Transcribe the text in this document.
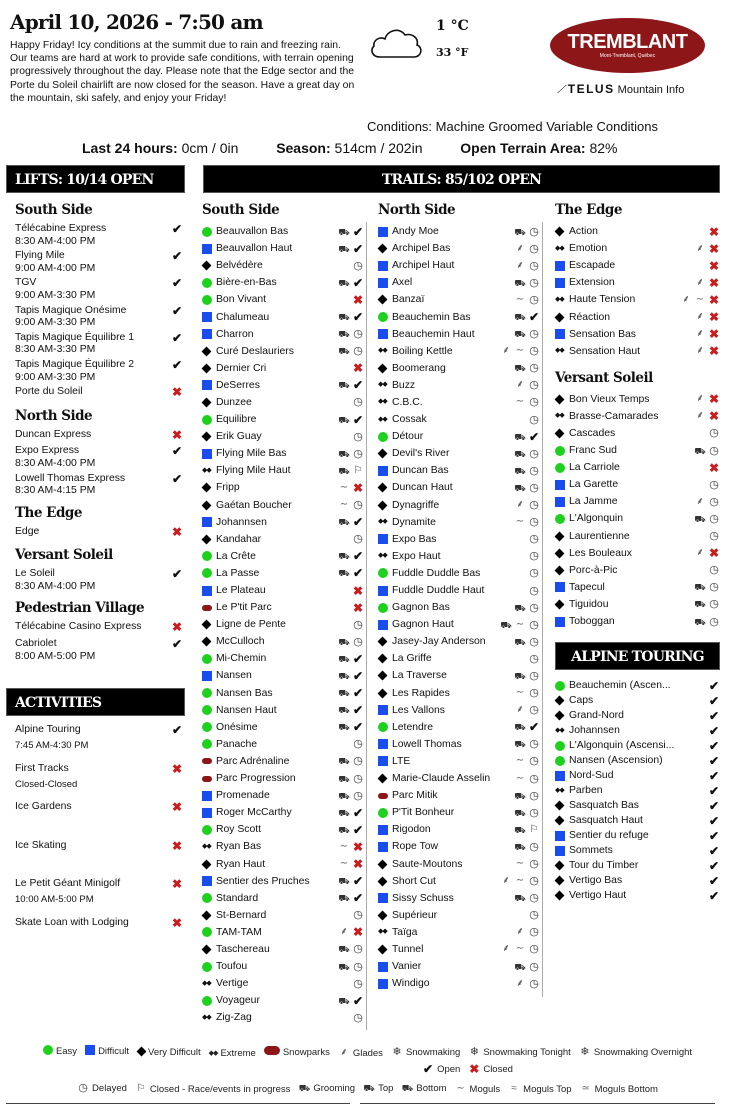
April 10, 2026 - 7:50 am
Happy Friday! Icy conditions at the summit due to rain and freezing rain. Our teams are hard at work to provide safe conditions, with terrain opening progressively throughout the day. Please note that the Edge sector and the Porte du Soleil chairlift are now closed for the season. Have a great day on the mountain, ski safely, and enjoy your Friday!
1 °C
33 °F	TREMBLANT
Mont-Tremblant, Québec
⟋ TELUS Mountain Info
Conditions: Machine Groomed Variable Conditions
Last 24 hours: 0cm / 0in	Season: 514cm / 202in	Open Terrain Area: 82%
LIFTS: 10/14 OPEN	TRAILS: 85/102 OPEN
South Side
Télécabine Express
8:30 AM-4:00 PM
✔
Flying Mile
9:00 AM-4:00 PM
✔
TGV
9:00 AM-3:30 PM
✔
Tapis Magique Onésime
9:00 AM-3:30 PM
✔
Tapis Magique Équilibre 1
8:30 AM-3:30 PM
✔
Tapis Magique Équilibre 2
9:00 AM-3:30 PM
✔
Porte du Soleil	✖
North Side
Duncan Express	✖
Expo Express
8:30 AM-4:00 PM
✔
Lowell Thomas Express
8:30 AM-4:15 PM
✔
The Edge
Edge	✖
Versant Soleil
Le Soleil
8:30 AM-4:00 PM
✔
Pedestrian Village
Télécabine Casino Express	✖
Cabriolet
8:00 AM-5:00 PM
✔
ACTIVITIES
Alpine Touring
7:45 AM-4:30 PM
✔
First Tracks
Closed-Closed
✖
Ice Gardens	✖
Ice Skating	✖
Le Petit Géant Minigolf
10:00 AM-5:00 PM
✖
Skate Loan with Lodging	✖
South Side
Beauvallon Bas	⛟ ✔
Beauvallon Haut	⛟ ✔
Belvédère	◷
Bière-en-Bas	⛟ ✔
Bon Vivant	✖
Chalumeau	⛟ ✔
Charron	⛟ ◷
Curé Deslauriers	⛟ ◷
Dernier Cri	✖
DeSerres	⛟ ✔
Dunzee	◷
Équilibre	⛟ ✔
Erik Guay	◷
Flying Mile Bas	⛟ ◷
◆◆ Flying Mile Haut	⛟ ⚐
Fripp	∼ ✖
Gaétan Boucher	∼ ◷
Johannsen	⛟ ✔
Kandahar	◷
La Crête	⛟ ✔
La Passe	⛟ ✔
Le Plateau	✖
Le P'tit Parc	✖
Ligne de Pente	◷
McCulloch	⛟ ◷
Mi-Chemin	⛟ ✔
Nansen	⛟ ✔
Nansen Bas	⛟ ✔
Nansen Haut	⛟ ✔
Onésime	⛟ ✔
Panache	◷
Parc Adrénaline	⛟ ◷
Parc Progression	⛟ ◷
Promenade	⛟ ◷
Roger McCarthy	⛟ ✔
Roy Scott	⛟ ✔
◆◆ Ryan Bas	∼ ✖
Ryan Haut	∼ ✖
Sentier des Pruches	⛟ ✔
Standard	⛟ ✔
St-Bernard	◷
TAM-TAM	⸙ ✖
Taschereau	⛟ ◷
Toufou	⛟ ◷
◆◆ Vertige	◷
Voyageur	⛟ ✔
◆◆ Zig-Zag	◷
North Side
Andy Moe	⛟ ◷
Archipel Bas	⸙ ◷
Archipel Haut	⸙ ◷
Axel	⛟ ◷
Banzaï	∼ ◷
Beauchemin Bas	⛟ ✔
Beauchemin Haut	⛟ ◷
◆◆ Boiling Kettle	⸙ ∼ ◷
Boomerang	⛟ ◷
◆◆ Buzz	⸙ ◷
◆◆ C.B.C.	∼ ◷
◆◆ Cossak	◷
Détour	⛟ ✔
Devil's River	⛟ ◷
Duncan Bas	⛟ ◷
Duncan Haut	⛟ ◷
Dynagriffe	⸙ ◷
◆◆ Dynamite	∼ ◷
Expo Bas	◷
◆◆ Expo Haut	◷
Fuddle Duddle Bas	◷
Fuddle Duddle Haut	◷
Gagnon Bas	⛟ ◷
Gagnon Haut	⛟ ∼ ◷
Jasey-Jay Anderson	⛟ ◷
La Griffe	◷
La Traverse	⛟ ◷
Les Rapides	∼ ◷
Les Vallons	⸙ ◷
Letendre	⛟ ✔
Lowell Thomas	⛟ ◷
LTE	∼ ◷
Marie-Claude Asselin	∼ ◷
Parc Mitik	⛟ ◷
P'Tit Bonheur	⛟ ◷
Rigodon	⛟ ⚐
Rope Tow	⛟ ◷
Saute-Moutons	∼ ◷
Short Cut	⸙ ∼ ◷
Sissy Schuss	⛟ ◷
Supérieur	◷
◆◆ Taïga	⸙ ◷
Tunnel	⸙ ∼ ◷
Vanier	⛟ ◷
Windigo	⸙ ◷
The Edge
Action	✖
◆◆ Émotion	⸙ ✖
Escapade	✖
Extension	⸙ ✖
◆◆ Haute Tension	⸙ ∼ ✖
Réaction	⸙ ✖
Sensation Bas	⸙ ✖
◆◆ Sensation Haut	⸙ ✖
Versant Soleil
Bon Vieux Temps	⸙ ✖
◆◆ Brasse-Camarades	⸙ ✖
Cascades	◷
Franc Sud	⛟ ◷
La Carriole	✖
La Garette	◷
La Jamme	⸙ ◷
L'Algonquin	⛟ ◷
Laurentienne	◷
Les Bouleaux	⸙ ✖
Porc-à-Pic	◷
Tapecul	⛟ ◷
Tiguidou	⛟ ◷
Toboggan	⛟ ◷
ALPINE TOURING
Beauchemin (Ascen...	✔
Caps	✔
Grand-Nord	✔
◆◆ Johannsen	✔
L'Algonquin (Ascensi...	✔
Nansen (Ascension)	✔
Nord-Sud	✔
◆◆ Parben	✔
Sasquatch Bas	✔
Sasquatch Haut	✔
Sentier du refuge	✔
Sommets	✔
Tour du Timber	✔
Vertigo Bas	✔
Vertigo Haut	✔
Easy Difficult Very Difficult ◆◆ Extreme	Snowparks ⸙ Glades ❄ Snowmaking ❄ Snowmaking Tonight ❄ Snowmaking Overnight
✔ Open ✖ Closed
◷ Delayed ⚐ Closed - Race/events in progress ⛟ Grooming ⛟ Top ⛟ Bottom ∼ Moguls	≈ Moguls Top ≃ Moguls Bottom
